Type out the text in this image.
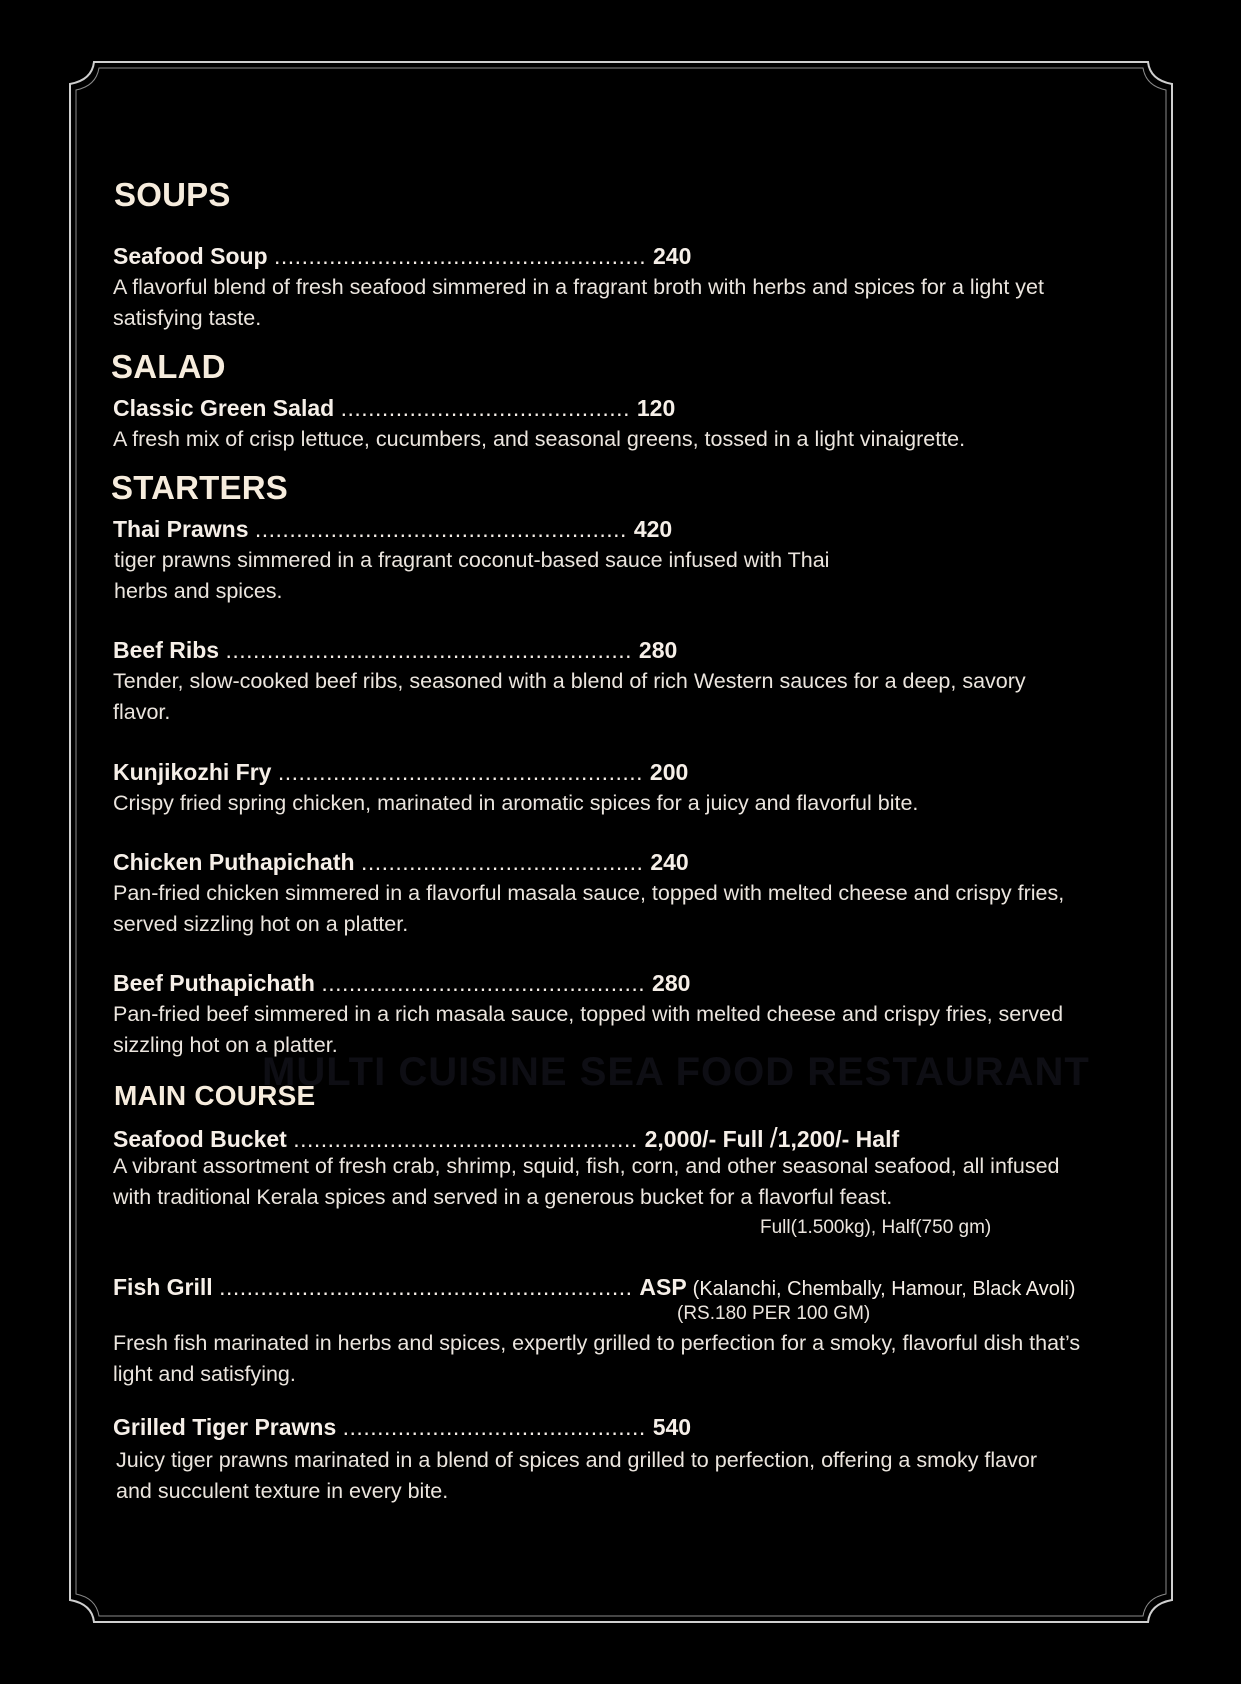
MULTI CUISINE SEA FOOD RESTAURANT
SOUPS
Seafood Soup ...................................................... 240
A flavorful blend of fresh seafood simmered in a fragrant broth with herbs and spices for a light yet satisfying taste.
SALAD
Classic Green Salad .......................................... 120
A fresh mix of crisp lettuce, cucumbers, and seasonal greens, tossed in a light vinaigrette.
STARTERS
Thai Prawns ...................................................... 420
tiger prawns simmered in a fragrant coconut-based sauce infused with Thai herbs and spices.
Beef Ribs ........................................................... 280
Tender, slow-cooked beef ribs, seasoned with a blend of rich Western sauces for a deep, savory flavor.
Kunjikozhi Fry ..................................................... 200
Crispy fried spring chicken, marinated in aromatic spices for a juicy and flavorful bite.
Chicken Puthapichath ......................................... 240
Pan-fried chicken simmered in a flavorful masala sauce, topped with melted cheese and crispy fries, served sizzling hot on a platter.
Beef Puthapichath ............................................... 280
Pan-fried beef simmered in a rich masala sauce, topped with melted cheese and crispy fries, served sizzling hot on a platter.
MAIN COURSE
Seafood Bucket .................................................. 2,000/- Full /1,200/- Half
A vibrant assortment of fresh crab, shrimp, squid, fish, corn, and other seasonal seafood, all infused with traditional Kerala spices and served in a generous bucket for a flavorful feast.
Full(1.500kg), Half(750 gm)
Fish Grill ............................................................ ASP (Kalanchi, Chembally, Hamour, Black Avoli)
(RS.180 PER 100 GM)
Fresh fish marinated in herbs and spices, expertly grilled to perfection for a smoky, flavorful dish that’s light and satisfying.
Grilled Tiger Prawns ............................................ 540
Juicy tiger prawns marinated in a blend of spices and grilled to perfection, offering a smoky flavor and succulent texture in every bite.
